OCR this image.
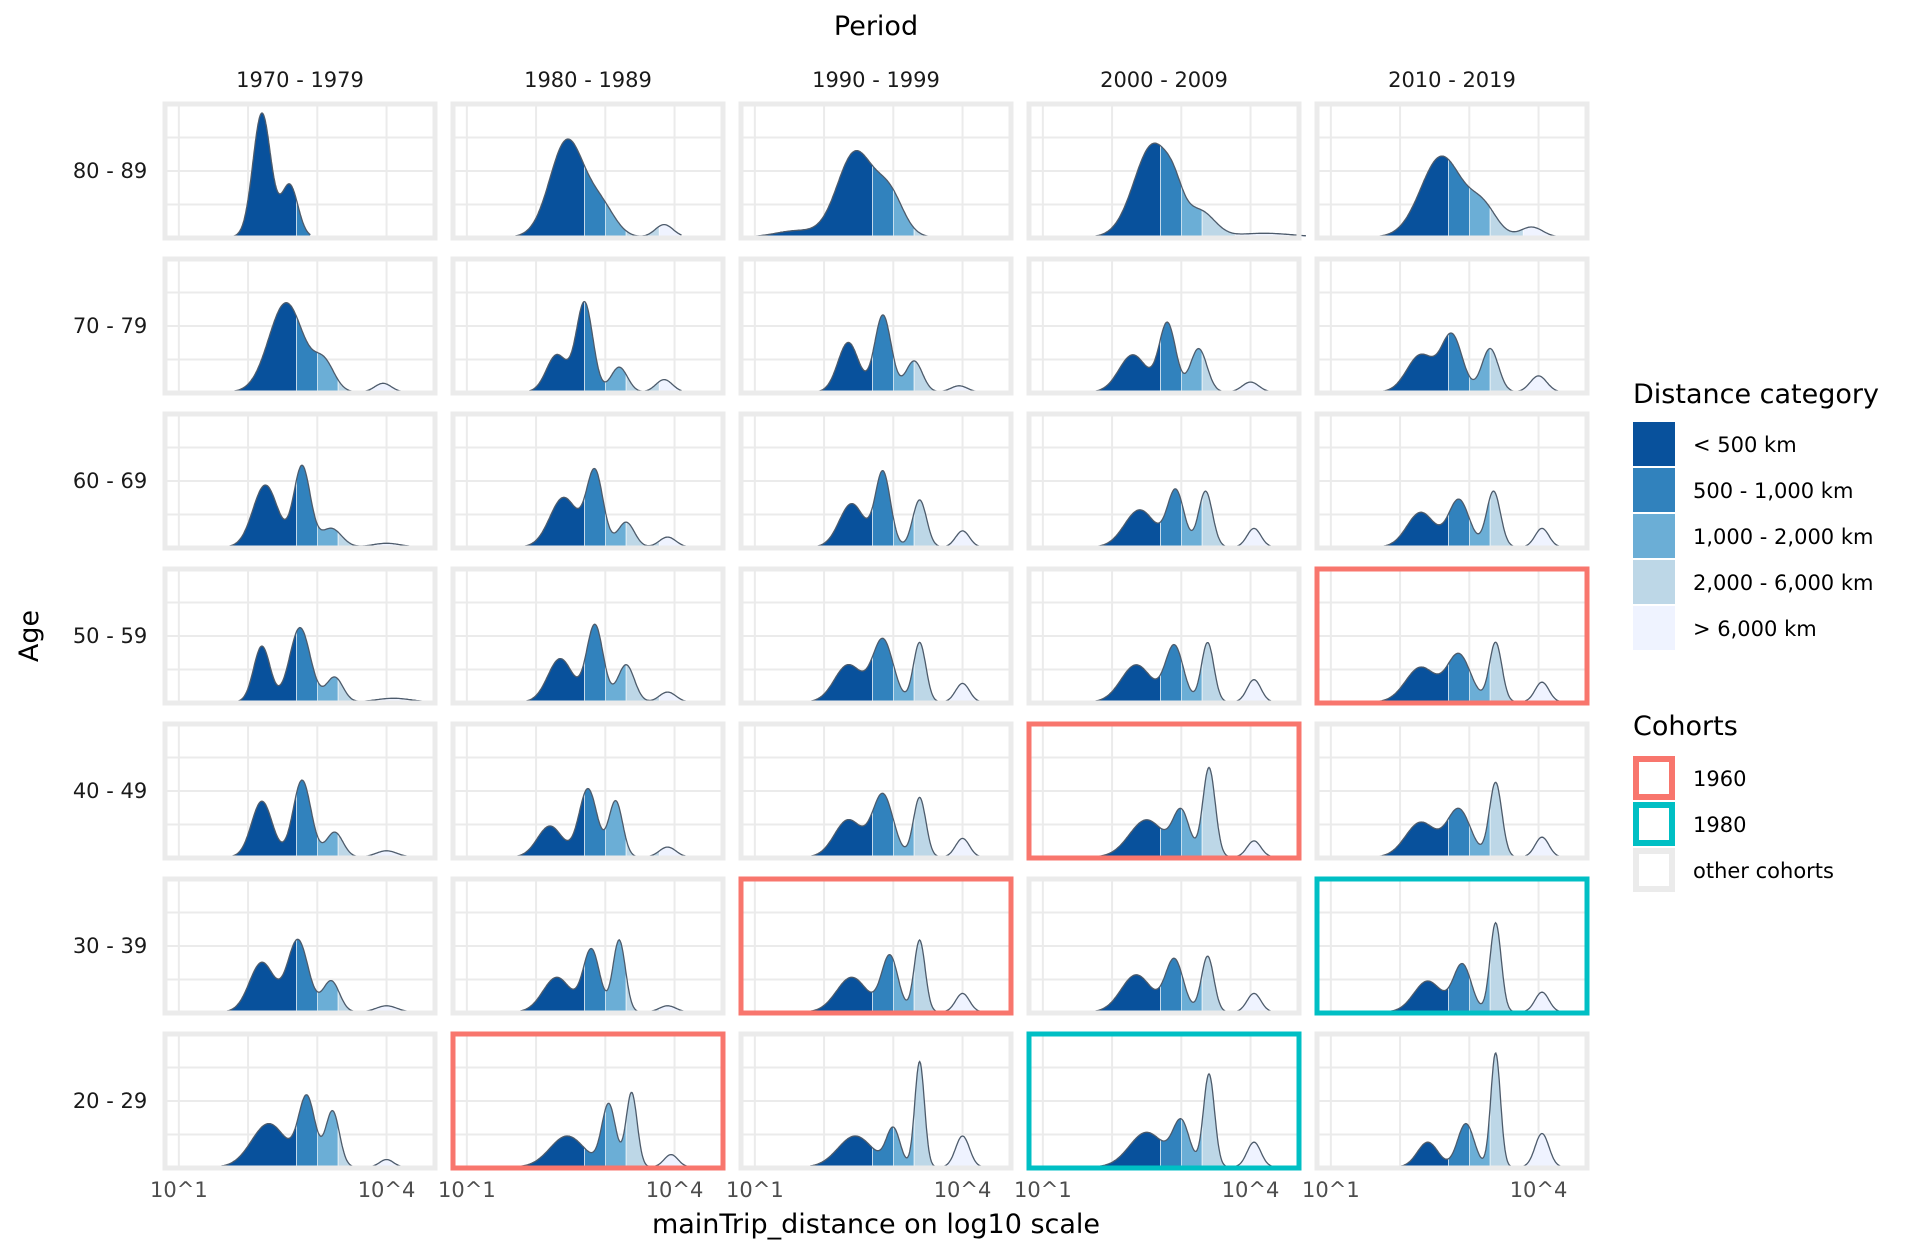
Period
1970 - 1979	1980 - 1989	1990 - 1999	2000 - 2009	2010 - 2019
80 - 89
70 - 79
60 - 69
50 - 59
40 - 49
30 - 39
20 - 29
Age
10^1	10^4 10^1	10^4 10^1	10^4 10^1	10^4 10^1	10^4
mainTrip_distance on log10 scale
Distance category
< 500 km
500 - 1,000 km
1,000 - 2,000 km
2,000 - 6,000 km
> 6,000 km
Cohorts
1960
1980
other cohorts
